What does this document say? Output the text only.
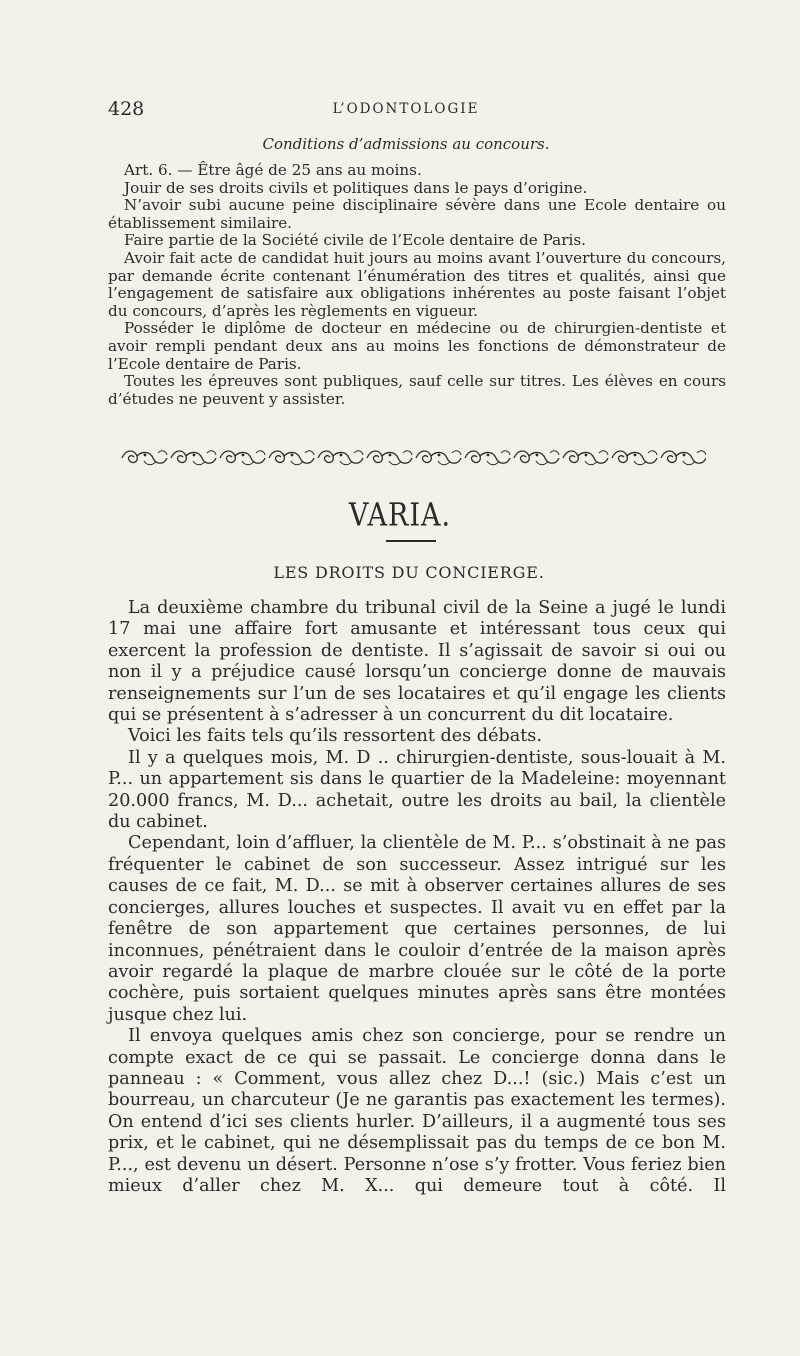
428	L’ODONTOLOGIE
Conditions d’admissions au concours.

Art. 6. — Être âgé de 25 ans au moins.

Jouir de ses droits civils et politiques dans le pays d’origine.

N’avoir subi aucune peine disciplinaire sévère dans une Ecole dentaire ou établissement similaire.

Faire partie de la Société civile de l’Ecole dentaire de Paris.

Avoir fait acte de candidat huit jours au moins avant l’ouverture du concours, par demande écrite contenant l’énumération des titres et qualités, ainsi que l’engagement de satisfaire aux obligations inhérentes au poste faisant l’objet du concours, d’après les règlements en vigueur.

Posséder le diplôme de docteur en médecine ou de chirurgien-dentiste et avoir rempli pendant deux ans au moins les fonctions de démonstrateur de l’Ecole dentaire de Paris.

Toutes les épreuves sont publiques, sauf celle sur titres. Les élèves en cours d’études ne peuvent y assister.

VARIA.
LES DROITS DU CONCIERGE.

La deuxième chambre du tribunal civil de la Seine a jugé le lundi 17 mai une affaire fort amusante et intéressant tous ceux qui exercent la profession de dentiste. Il s’agissait de savoir si oui ou non il y a préjudice causé lorsqu’un concierge donne de mauvais renseignements sur l’un de ses locataires et qu’il engage les clients qui se présentent à s’adresser à un concurrent du dit locataire.

Voici les faits tels qu’ils ressortent des débats.

Il y a quelques mois, M. D .. chirurgien-dentiste, sous-louait à M. P... un appartement sis dans le quartier de la Madeleine: moyennant 20.000 francs, M. D... achetait, outre les droits au bail, la clientèle du cabinet.

Cependant, loin d’affluer, la clientèle de M. P... s’obstinait à ne pas fréquenter le cabinet de son successeur. Assez intrigué sur les causes de ce fait, M. D... se mit à observer certaines allures de ses concierges, allures louches et suspectes. Il avait vu en effet par la fenêtre de son appartement que certaines personnes, de lui inconnues, pénétraient dans le couloir d’entrée de la maison après avoir regardé la plaque de marbre clouée sur le côté de la porte cochère, puis sortaient quelques minutes après sans être montées jusque chez lui.

Il envoya quelques amis chez son concierge, pour se rendre un compte exact de ce qui se passait. Le concierge donna dans le panneau : « Comment, vous allez chez D...! (sic.) Mais c’est un bourreau, un charcuteur (Je ne garantis pas exactement les termes). On entend d’ici ses clients hurler. D’ailleurs, il a augmenté tous ses prix, et le cabinet, qui ne désemplissait pas du temps de ce bon M. P..., est devenu un désert. Personne n’ose s’y frotter. Vous feriez bien mieux d’aller chez M. X... qui demeure tout à côté. Il
